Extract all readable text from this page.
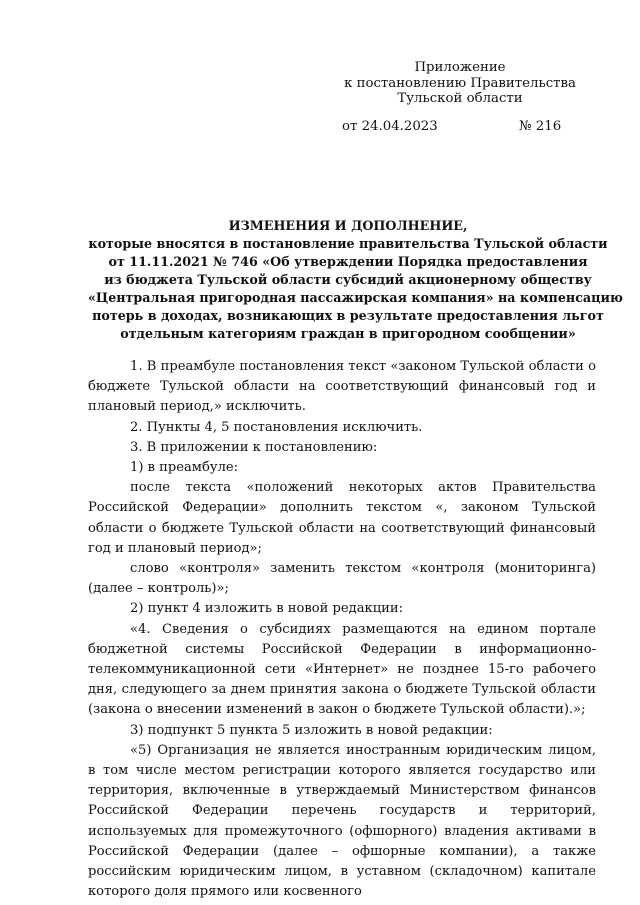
Приложение
к постановлению Правительства
Тульской области
от 24.04.2023	№ 216
ИЗМЕНЕНИЯ И ДОПОЛНЕНИЕ,
которые вносятся в постановление правительства Тульской области
от 11.11.2021 № 746 «Об утверждении Порядка предоставления
из бюджета Тульской области субсидий акционерному обществу
«Центральная пригородная пассажирская компания» на компенсацию
потерь в доходах, возникающих в результате предоставления льгот
отдельным категориям граждан в пригородном сообщении»

1. В преамбуле постановления текст «законом Тульской области о бюджете Тульской области на соответствующий финансовый год и плановый период,» исключить.

2. Пункты 4, 5 постановления исключить.

3. В приложении к постановлению:

1) в преамбуле:

после текста «положений некоторых актов Правительства Российской Федерации» дополнить текстом «, законом Тульской области о бюджете Тульской области на соответствующий финансовый год и плановый период»;

слово «контроля» заменить текстом «контроля (мониторинга) (далее – контроль)»;

2) пункт 4 изложить в новой редакции:

«4. Сведения о субсидиях размещаются на едином портале бюджетной системы Российской Федерации в информационно-телекоммуникационной сети «Интернет» не позднее 15-го рабочего дня, следующего за днем принятия закона о бюджете Тульской области (закона о внесении изменений в закон о бюджете Тульской области).»;

3) подпункт 5 пункта 5 изложить в новой редакции:

«5) Организация не является иностранным юридическим лицом, в том числе местом регистрации которого является государство или территория, включенные в утверждаемый Министерством финансов Российской Федерации перечень государств и территорий, используемых для промежуточного (офшорного) владения активами в Российской Федерации (далее – офшорные компании), а также российским юридическим лицом, в уставном (складочном) капитале которого доля прямого или косвенного
